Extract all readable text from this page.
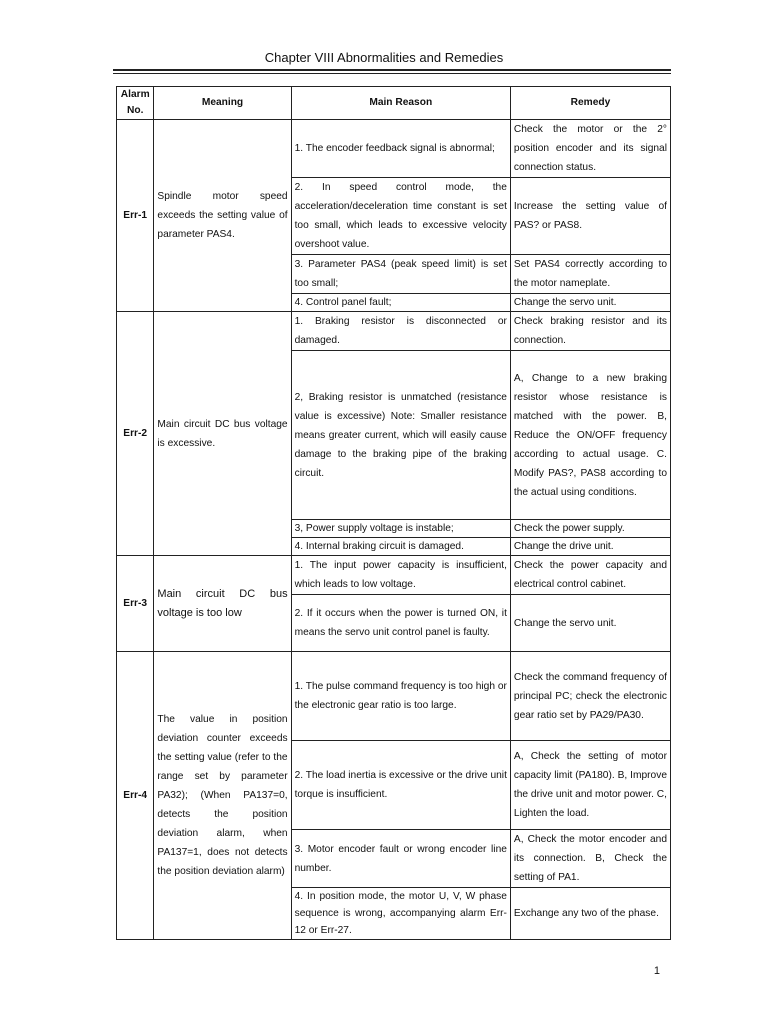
Chapter VIII Abnormalities and Remedies
Alarm No.	Meaning	Main Reason	Remedy
Err-1	Spindle motor speed exceeds the setting value of parameter PAS4.	1. The encoder feedback signal is abnormal;	Check the motor or the 2° position encoder and its signal connection status.
		2. In speed control mode, the acceleration/deceleration time constant is set too small, which leads to excessive velocity overshoot value.	Increase the setting value of PAS? or PAS8.
		3. Parameter PAS4 (peak speed limit) is set too small;	Set PAS4 correctly according to the motor nameplate.
		4. Control panel fault;	Change the servo unit.
Err-2	Main circuit DC bus voltage is excessive.	1. Braking resistor is disconnected or damaged.	Check braking resistor and its connection.
		2, Braking resistor is unmatched (resistance value is excessive) Note: Smaller resistance means greater current, which will easily cause damage to the braking pipe of the braking circuit.	A, Change to a new braking resistor whose resistance is matched with the power. B, Reduce the ON/OFF frequency according to actual usage. C. Modify PAS?, PAS8 according to the actual using conditions.
		3, Power supply voltage is instable;	Check the power supply.
		4. Internal braking circuit is damaged.	Change the drive unit.
Err-3	Main circuit DC bus voltage is too low	1. The input power capacity is insufficient, which leads to low voltage.	Check the power capacity and electrical control cabinet.
		2. If it occurs when the power is turned ON, it means the servo unit control panel is faulty.	Change the servo unit.
Err-4	The value in position deviation counter exceeds the setting value (refer to the range set by parameter PA32); (When PA137=0, detects the position deviation alarm, when PA137=1, does not detects the position deviation alarm)	1. The pulse command frequency is too high or the electronic gear ratio is too large.	Check the command frequency of principal PC; check the electronic gear ratio set by PA29/PA30.
		2. The load inertia is excessive or the drive unit torque is insufficient.	A, Check the setting of motor capacity limit (PA180). B, Improve the drive unit and motor power. C, Lighten the load.
		3. Motor encoder fault or wrong encoder line number.	A, Check the motor encoder and its connection. B, Check the setting of PA1.
		4. In position mode, the motor U, V, W phase sequence is wrong, accompanying alarm Err-12 or Err-27.	Exchange any two of the phase.
1
